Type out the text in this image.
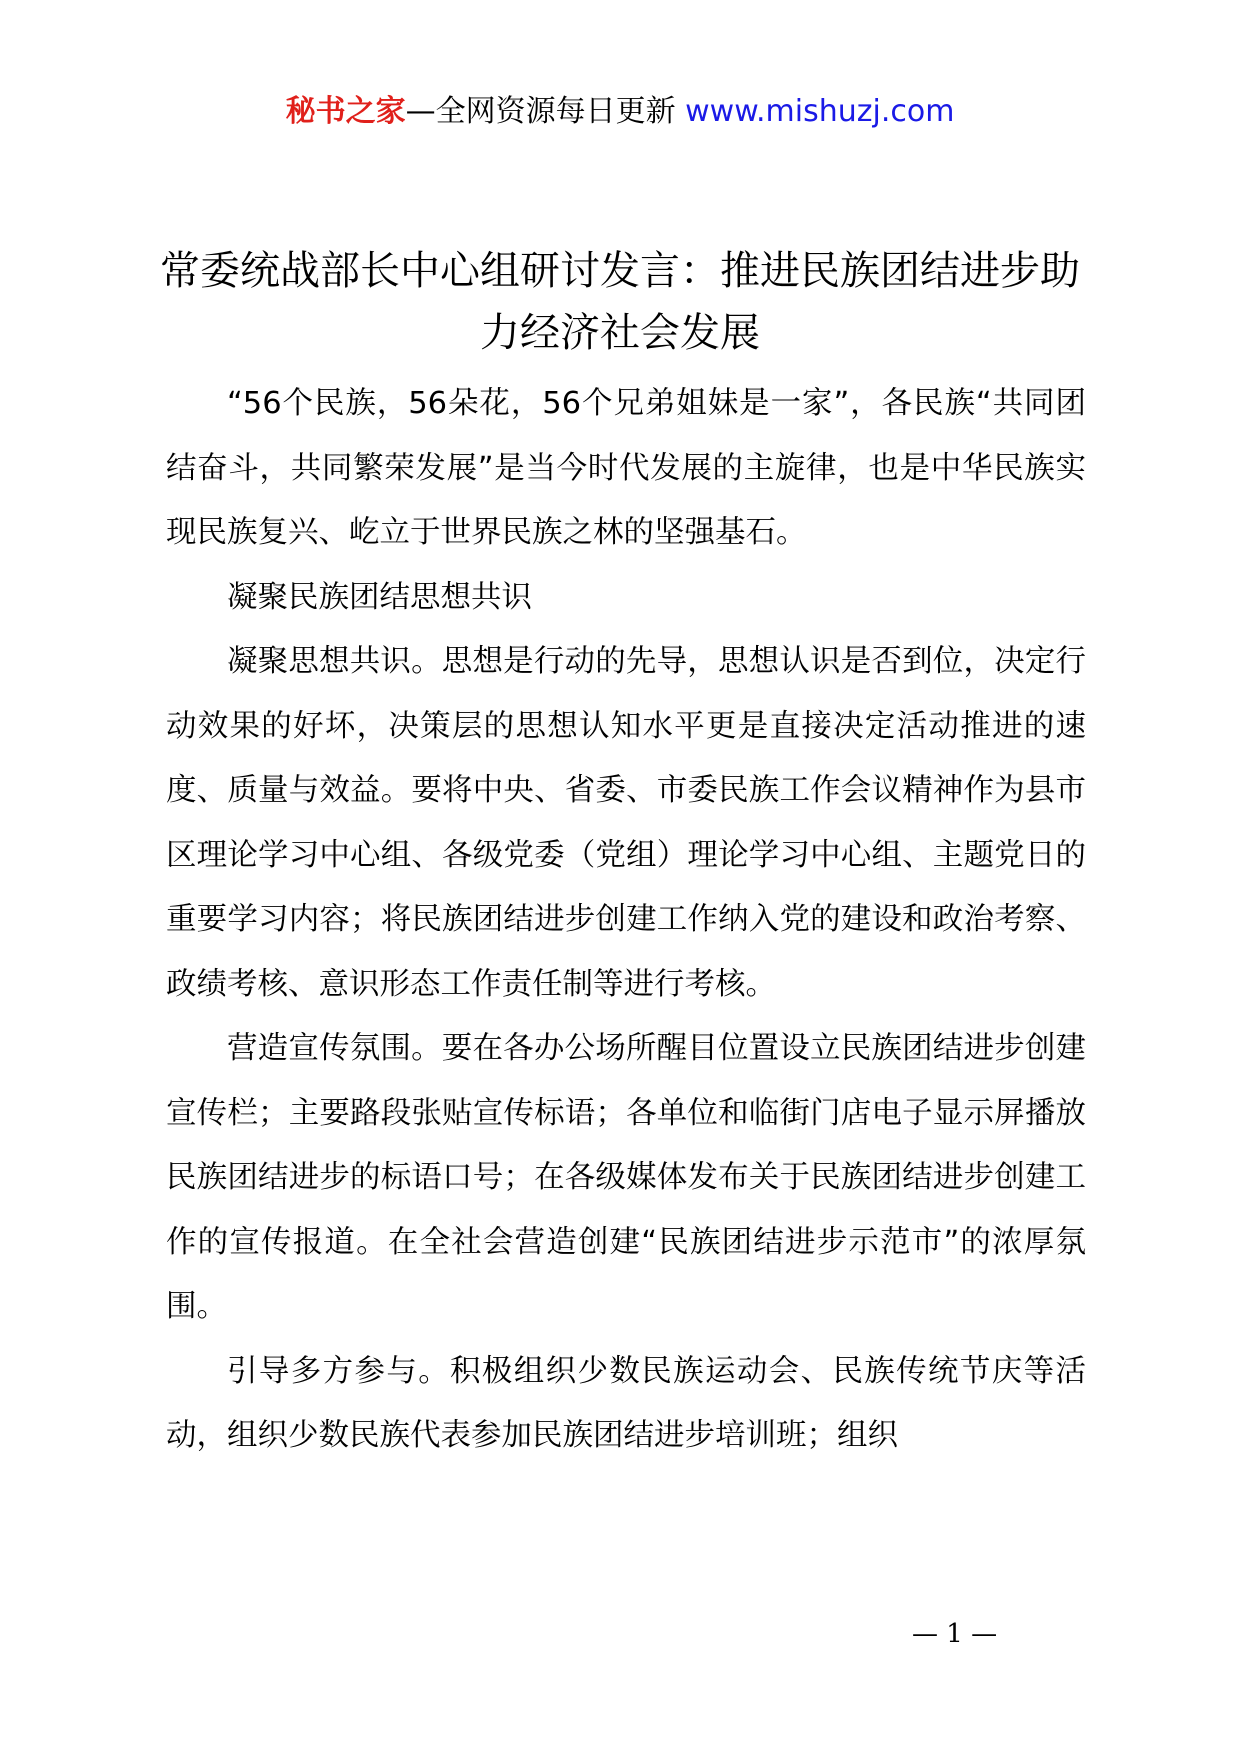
秘书之家—全网资源每日更新 www.mishuzj.com
常委统战部长中心组研讨发言：推进民族团结进步助力经济社会发展

“56个民族，56朵花，56个兄弟姐妹是一家”，各民族“共同团结奋斗，共同繁荣发展”是当今时代发展的主旋律，也是中华民族实现民族复兴、屹立于世界民族之林的坚强基石。

凝聚民族团结思想共识

凝聚思想共识。思想是行动的先导，思想认识是否到位，决定行动效果的好坏，决策层的思想认知水平更是直接决定活动推进的速度、质量与效益。要将中央、省委、市委民族工作会议精神作为县市区理论学习中心组、各级党委（党组）理论学习中心组、主题党日的重要学习内容；将民族团结进步创建工作纳入党的建设和政治考察、政绩考核、意识形态工作责任制等进行考核。

营造宣传氛围。要在各办公场所醒目位置设立民族团结进步创建宣传栏；主要路段张贴宣传标语；各单位和临街门店电子显示屏播放民族团结进步的标语口号；在各级媒体发布关于民族团结进步创建工作的宣传报道。在全社会营造创建“民族团结进步示范市”的浓厚氛围。

引导多方参与。积极组织少数民族运动会、民族传统节庆等活动，组织少数民族代表参加民族团结进步培训班；组织

— 1 —
